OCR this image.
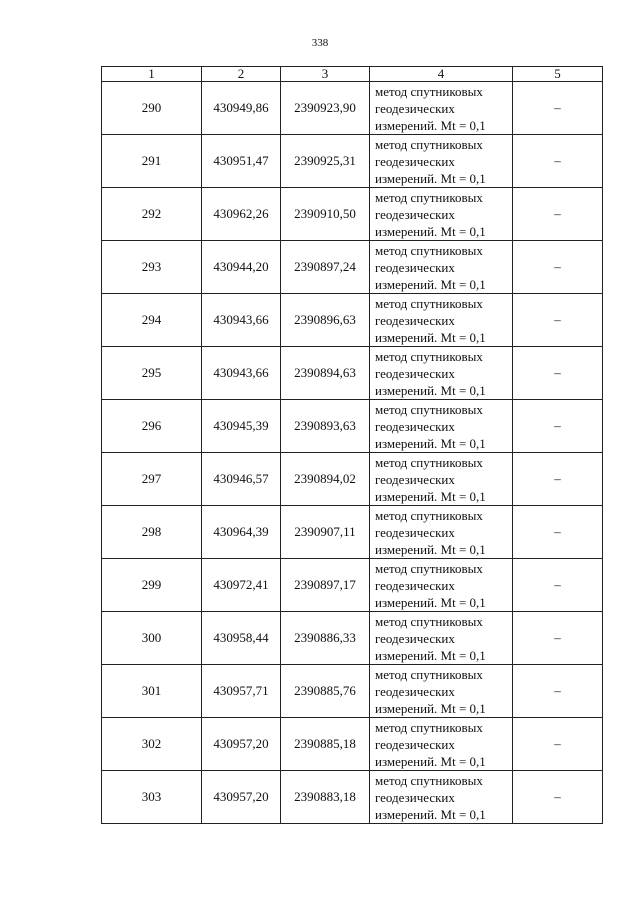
338
1	2	3	4	5
290	430949,86	2390923,90	метод спутниковых
геодезических
измерений. Mt = 0,1	–
291	430951,47	2390925,31	метод спутниковых
геодезических
измерений. Mt = 0,1	–
292	430962,26	2390910,50	метод спутниковых
геодезических
измерений. Mt = 0,1	–
293	430944,20	2390897,24	метод спутниковых
геодезических
измерений. Mt = 0,1	–
294	430943,66	2390896,63	метод спутниковых
геодезических
измерений. Mt = 0,1	–
295	430943,66	2390894,63	метод спутниковых
геодезических
измерений. Mt = 0,1	–
296	430945,39	2390893,63	метод спутниковых
геодезических
измерений. Mt = 0,1	–
297	430946,57	2390894,02	метод спутниковых
геодезических
измерений. Mt = 0,1	–
298	430964,39	2390907,11	метод спутниковых
геодезических
измерений. Mt = 0,1	–
299	430972,41	2390897,17	метод спутниковых
геодезических
измерений. Mt = 0,1	–
300	430958,44	2390886,33	метод спутниковых
геодезических
измерений. Mt = 0,1	–
301	430957,71	2390885,76	метод спутниковых
геодезических
измерений. Mt = 0,1	–
302	430957,20	2390885,18	метод спутниковых
геодезических
измерений. Mt = 0,1	–
303	430957,20	2390883,18	метод спутниковых
геодезических
измерений. Mt = 0,1	–
